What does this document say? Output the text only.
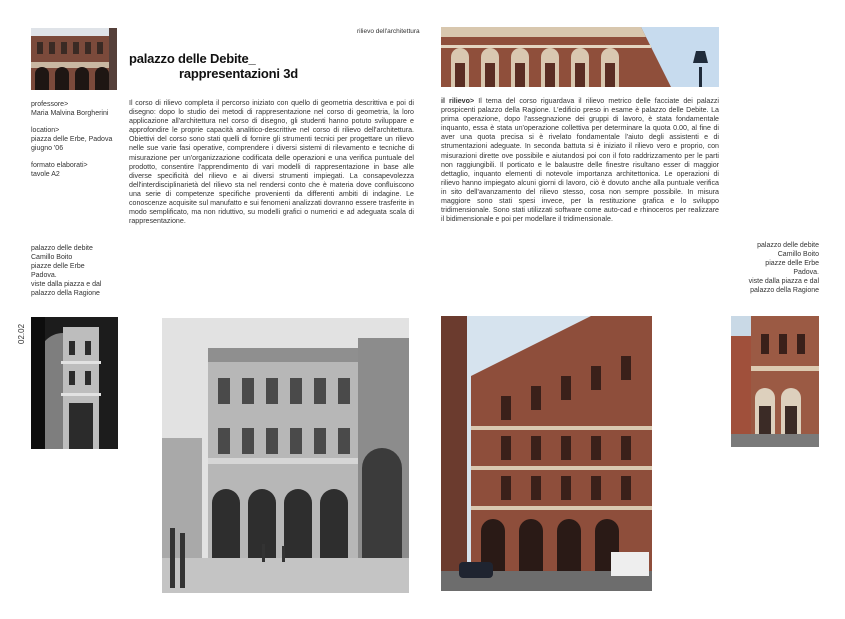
rilievo dell'architettura
palazzo delle Debite_
rappresentazioni 3d
professore>
Maria Malvina Borgherini
location>
piazza delle Erbe, Padova
giugno '06
formato elaborati>
tavole A2
Il corso di rilievo completa il percorso iniziato con quello di geometria descrittiva e poi di disegno: dopo lo studio dei metodi di rappresentazione nel corso di geometria, la loro applicazione all'architettura nel corso di disegno, gli studenti hanno potuto sviluppare e approfondire le proprie capacità analitico-descrittive nel corso di rilievo dell'architettura. Obiettivi del corso sono stati quelli di fornire gli strumenti tecnici per progettare un rilievo nelle sue varie fasi operative, comprendere i diversi sistemi di rilevamento e tecniche di misurazione per un'organizzazione codificata delle operazioni e una verifica puntuale del prodotto, consentire l'apprendimento di vari modelli di rappresentazione in base alle diverse specificità del rilievo e ai diversi strumenti impiegati. La consapevolezza dell'interdisciplinarietà del rilievo sta nel rendersi conto che è materia dove confluiscono una serie di competenze specifiche provenienti da differenti ambiti di indagine. Le conoscenze acquisite sul manufatto e sui fenomeni analizzati dovranno essere trasferite in modo semplificato, ma non riduttivo, su modelli grafici o numerici e ad adeguata scala di rappresentazione.
il rilievo> Il tema del corso riguardava il rilievo metrico delle facciate dei palazzi prospicenti palazzo della Ragione. L'edificio preso in esame è palazzo delle Debite. La prima operazione, dopo l'assegnazione dei gruppi di lavoro, è stata fondamentale inquanto, essa è stata un'operazione collettiva per determinare la quota 0.00, al fine di aver una quota precisa si è rivelato fondamentale l'aiuto degli assistenti e di strumentazioni adeguate. In seconda battuta si è iniziato il rilievo vero e proprio, con misurazioni dirette ove possibile e aiutandosi poi con il foto raddrizzamento per le parti non raggiungibili. Il porticato e le balaustre delle finestre risultano esser di maggior dettaglio, inquanto elementi di notevole importanza architettonica. Le operazioni di rilievo hanno impiegato alcuni giorni di lavoro, ciò è dovuto anche alla puntuale verifica in sito dell'avanzamento del rilievo stesso, cosa non sempre possibile. In misura maggiore sono stati spesi invece, per la restituzione grafica e lo sviluppo tridimensionale. Sono stati utilizzati software come auto-cad e rhinoceros per realizzare il bidimensionale e poi per modellare il tridimensionale.
palazzo delle debite
Camillo Boito
piazze delle Erbe
Padova.
viste dalla piazza e dal
palazzo della Ragione
palazzo delle debite
Camillo Boito
piazze delle Erbe
Padova.
viste dalla piazza e dal
palazzo della Ragione
02.02
